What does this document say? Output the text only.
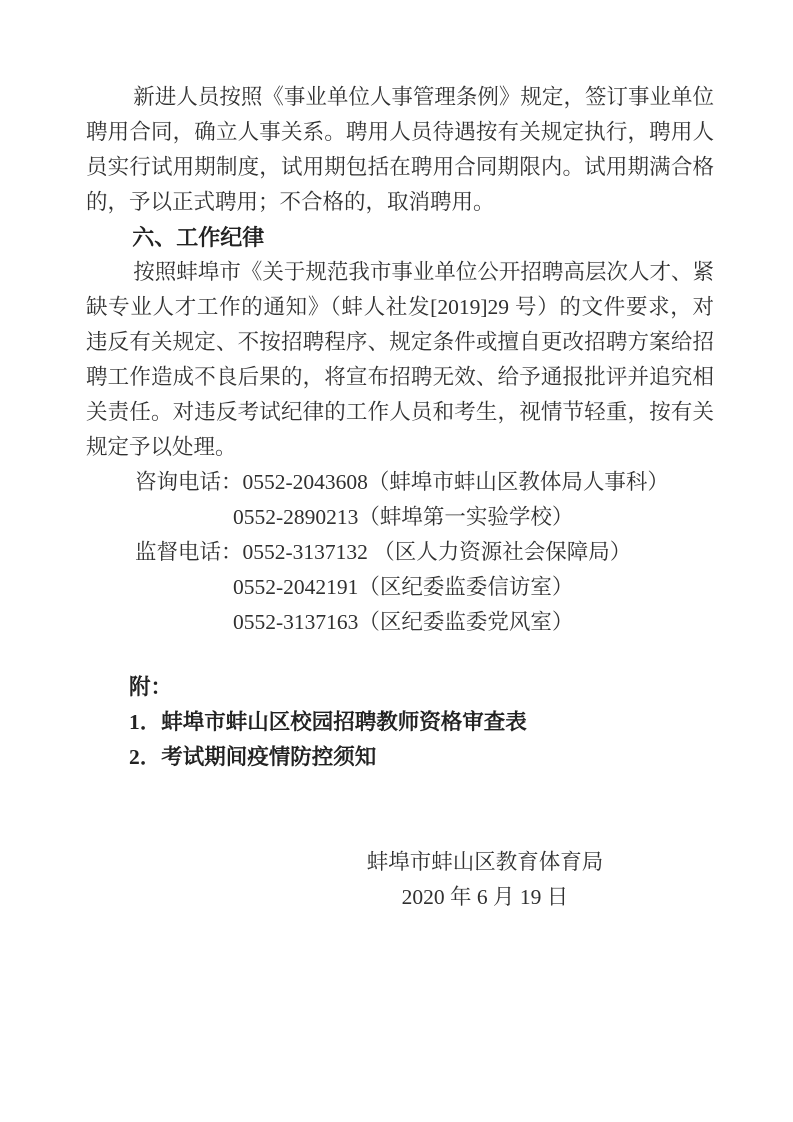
新进人员按照《事业单位人事管理条例》规定，签订事业单位聘用合同，确立人事关系。聘用人员待遇按有关规定执行，聘用人员实行试用期制度，试用期包括在聘用合同期限内。试用期满合格的，予以正式聘用；不合格的，取消聘用。

六、工作纪律

按照蚌埠市《关于规范我市事业单位公开招聘高层次人才、紧缺专业人才工作的通知》（蚌人社发[2019]29 号）的文件要求，对违反有关规定、不按招聘程序、规定条件或擅自更改招聘方案给招聘工作造成不良后果的，将宣布招聘无效、给予通报批评并追究相关责任。对违反考试纪律的工作人员和考生，视情节轻重，按有关规定予以处理。

咨询电话：0552-2043608（蚌埠市蚌山区教体局人事科）

0552-2890213（蚌埠第一实验学校）

监督电话：0552-3137132 （区人力资源社会保障局）

0552-2042191（区纪委监委信访室）

0552-3137163（区纪委监委党风室）

附：

1．蚌埠市蚌山区校园招聘教师资格审查表

2．考试期间疫情防控须知

蚌埠市蚌山区教育体育局

2020 年 6 月 19 日
